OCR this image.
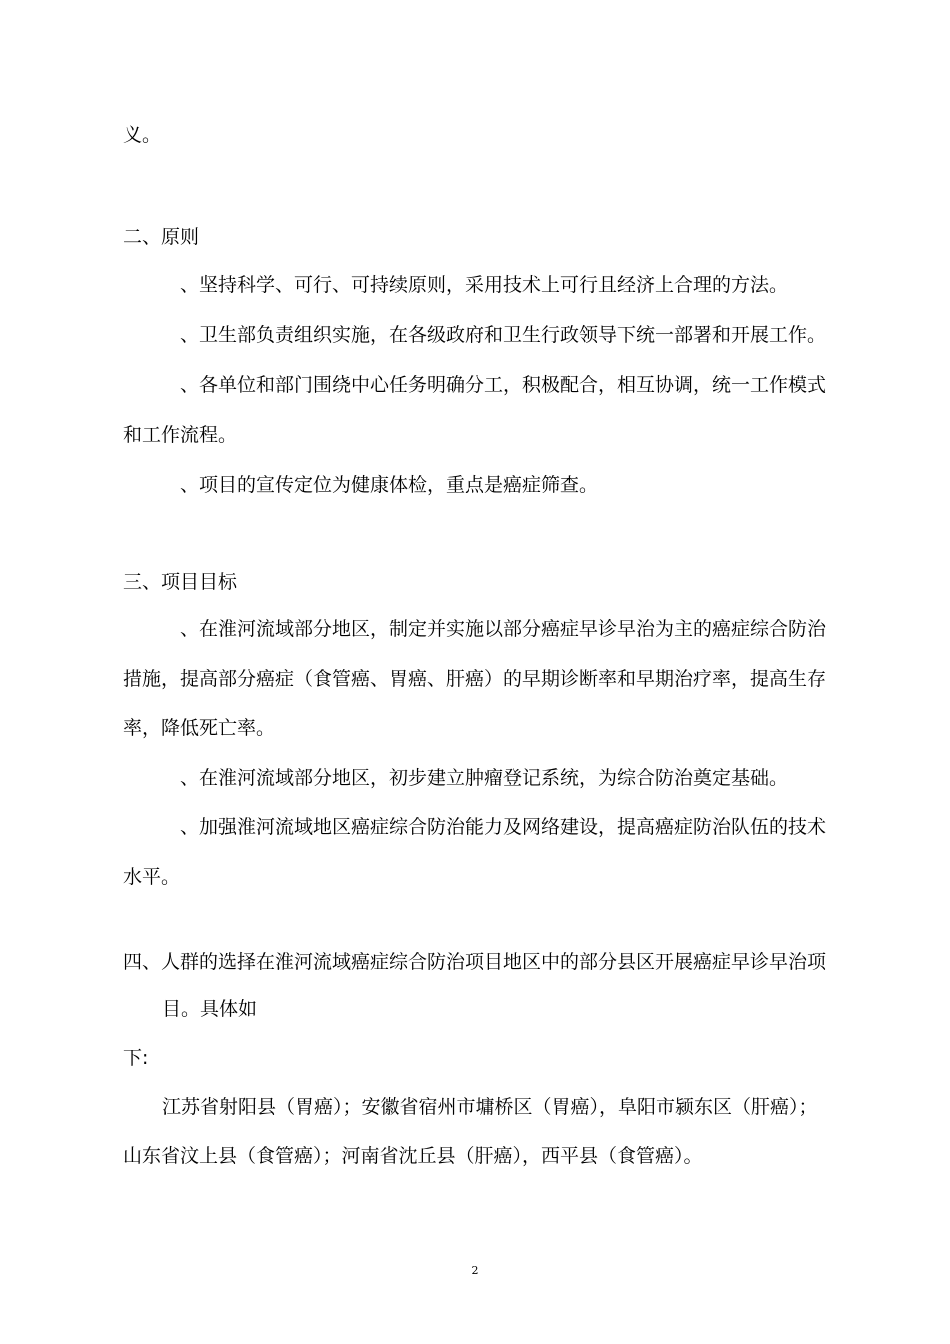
义。

二、原则

、坚持科学、可行、可持续原则，采用技术上可行且经济上合理的方法。

、卫生部负责组织实施，在各级政府和卫生行政领导下统一部署和开展工作。

、各单位和部门围绕中心任务明确分工，积极配合，相互协调，统一工作模式

和工作流程。

、项目的宣传定位为健康体检，重点是癌症筛查。

三、项目目标

、在淮河流域部分地区，制定并实施以部分癌症早诊早治为主的癌症综合防治

措施，提高部分癌症（食管癌、胃癌、肝癌）的早期诊断率和早期治疗率，提高生存

率，降低死亡率。

、在淮河流域部分地区，初步建立肿瘤登记系统，为综合防治奠定基础。

、加强淮河流域地区癌症综合防治能力及网络建设，提高癌症防治队伍的技术

水平。

四、人群的选择在淮河流域癌症综合防治项目地区中的部分县区开展癌症早诊早治项

目。具体如

下:

江苏省射阳县（胃癌）；安徽省宿州市墉桥区（胃癌），阜阳市颍东区（肝癌）；

山东省汶上县（食管癌）；河南省沈丘县（肝癌），西平县（食管癌）。

2
